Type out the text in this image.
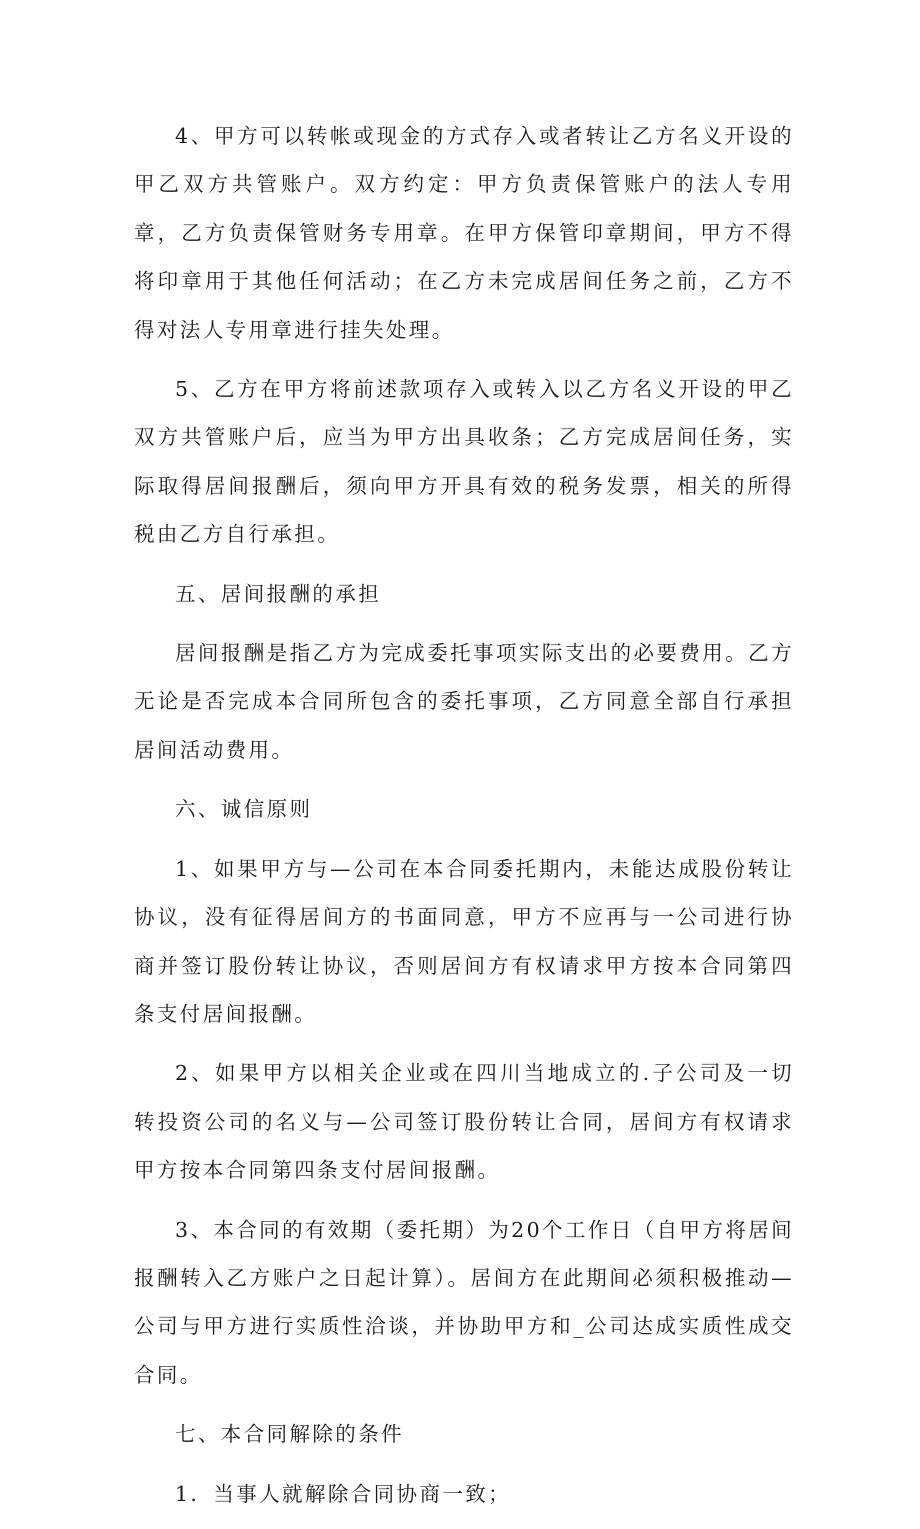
4、甲方可以转帐或现金的方式存入或者转让乙方名义开设的甲乙双方共管账户。双方约定：甲方负责保管账户的法人专用章，乙方负责保管财务专用章。在甲方保管印章期间，甲方不得将印章用于其他任何活动；在乙方未完成居间任务之前，乙方不得对法人专用章进行挂失处理。

5、乙方在甲方将前述款项存入或转入以乙方名义开设的甲乙双方共管账户后，应当为甲方出具收条；乙方完成居间任务，实际取得居间报酬后，须向甲方开具有效的税务发票，相关的所得税由乙方自行承担。

五、居间报酬的承担

居间报酬是指乙方为完成委托事项实际支出的必要费用。乙方无论是否完成本合同所包含的委托事项，乙方同意全部自行承担居间活动费用。

六、诚信原则

1、如果甲方与—公司在本合同委托期内，未能达成股份转让协议，没有征得居间方的书面同意，甲方不应再与一公司进行协商并签订股份转让协议，否则居间方有权请求甲方按本合同第四条支付居间报酬。

2、如果甲方以相关企业或在四川当地成立的.子公司及一切转投资公司的名义与—公司签订股份转让合同，居间方有权请求甲方按本合同第四条支付居间报酬。

3、本合同的有效期（委托期）为20个工作日（自甲方将居间报酬转入乙方账户之日起计算）。居间方在此期间必须积极推动—公司与甲方进行实质性洽谈，并协助甲方和_公司达成实质性成交合同。

七、本合同解除的条件

1．当事人就解除合同协商一致；
